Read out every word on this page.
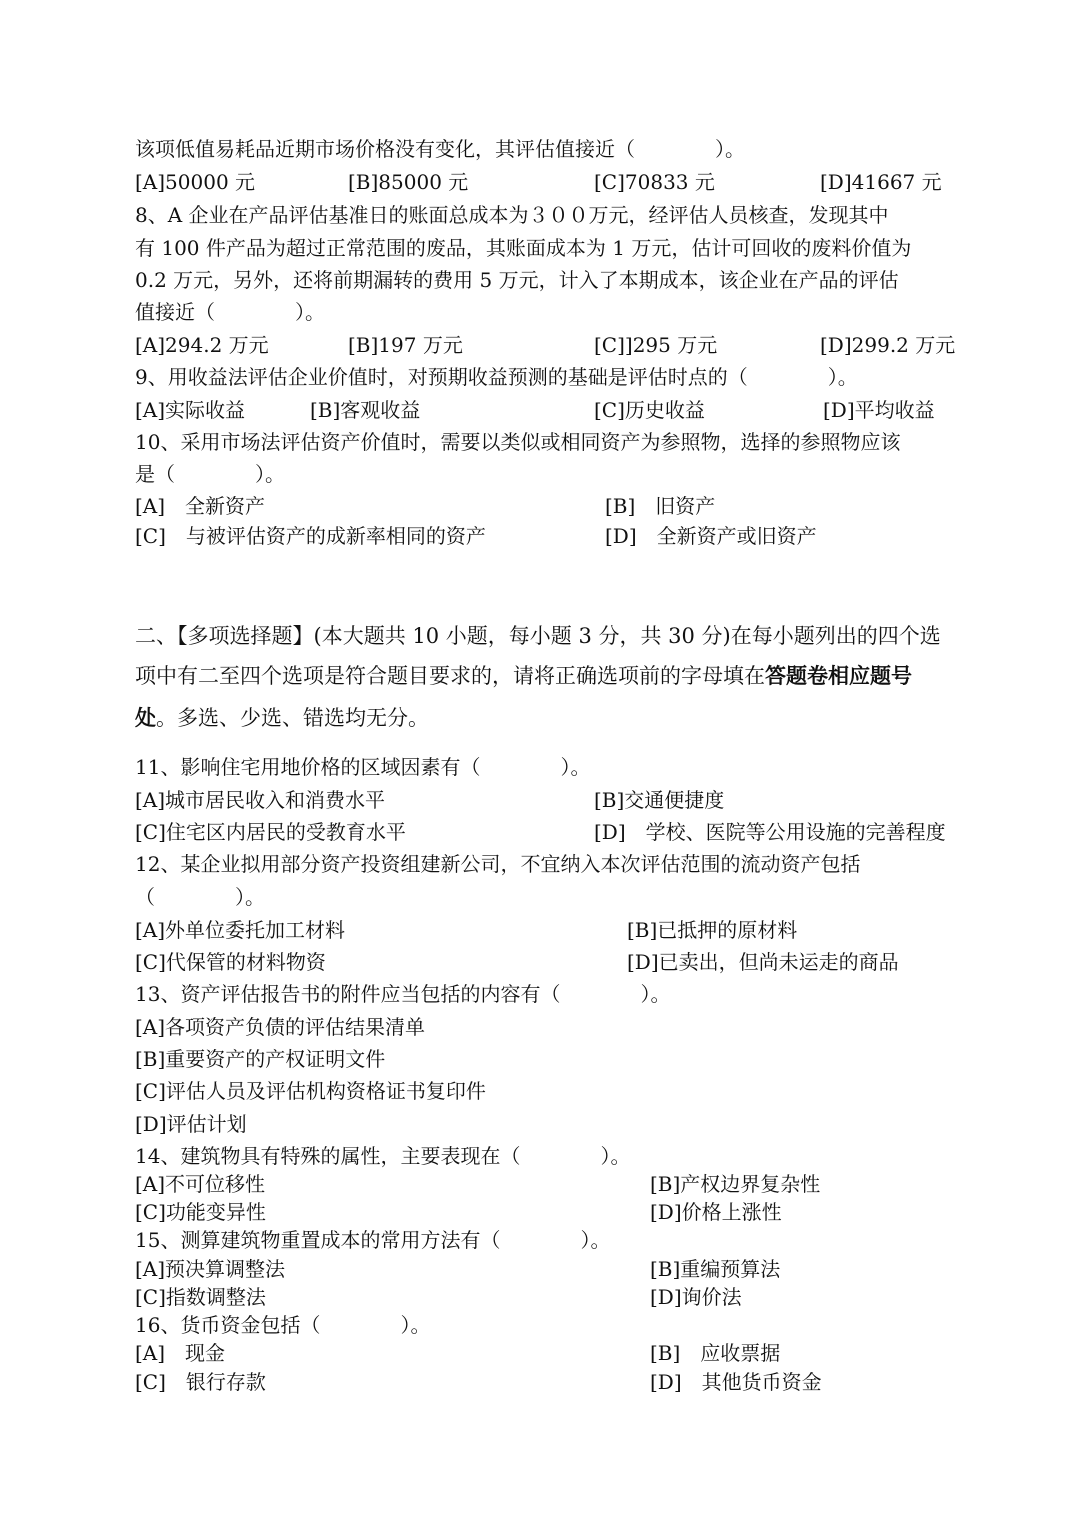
该项低值易耗品近期市场价格没有变化，其评估值接近（　　　　）。
[A]50000 元	[B]85000 元	[C]70833 元	[D]41667 元
8、A 企业在产品评估基准日的账面总成本为３００万元，经评估人员核查，发现其中
有 100 件产品为超过正常范围的废品，其账面成本为 1 万元，估计可回收的废料价值为
0.2 万元，另外，还将前期漏转的费用 5 万元，计入了本期成本，该企业在产品的评估
值接近（　　　　）。
[A]294.2 万元	[B]197 万元	[C]]295 万元	[D]299.2 万元
9、用收益法评估企业价值时，对预期收益预测的基础是评估时点的（　　　　）。
[A]实际收益	[B]客观收益	[C]历史收益	[D]平均收益
10、采用市场法评估资产价值时，需要以类似或相同资产为参照物，选择的参照物应该
是（　　　　）。
[A]　全新资产	[B]　旧资产
[C]　与被评估资产的成新率相同的资产	[D]　全新资产或旧资产
二、【多项选择题】(本大题共 10 小题，每小题 3 分，共 30 分)在每小题列出的四个选
项中有二至四个选项是符合题目要求的，请将正确选项前的字母填在答题卷相应题号
处。多选、少选、错选均无分。
11、影响住宅用地价格的区域因素有（　　　　）。
[A]城市居民收入和消费水平	[B]交通便捷度
[C]住宅区内居民的受教育水平	[D]　学校、医院等公用设施的完善程度
12、某企业拟用部分资产投资组建新公司，不宜纳入本次评估范围的流动资产包括
（　　　　）。
[A]外单位委托加工材料	[B]已抵押的原材料
[C]代保管的材料物资	[D]已卖出，但尚未运走的商品
13、资产评估报告书的附件应当包括的内容有（　　　　）。
[A]各项资产负债的评估结果清单
[B]重要资产的产权证明文件
[C]评估人员及评估机构资格证书复印件
[D]评估计划
14、建筑物具有特殊的属性，主要表现在（　　　　）。
[A]不可位移性	[B]产权边界复杂性
[C]功能变异性	[D]价格上涨性
15、测算建筑物重置成本的常用方法有（　　　　）。
[A]预决算调整法	[B]重编预算法
[C]指数调整法	[D]询价法
16、货币资金包括（　　　　）。
[A]　现金	[B]　应收票据
[C]　银行存款	[D]　其他货币资金
